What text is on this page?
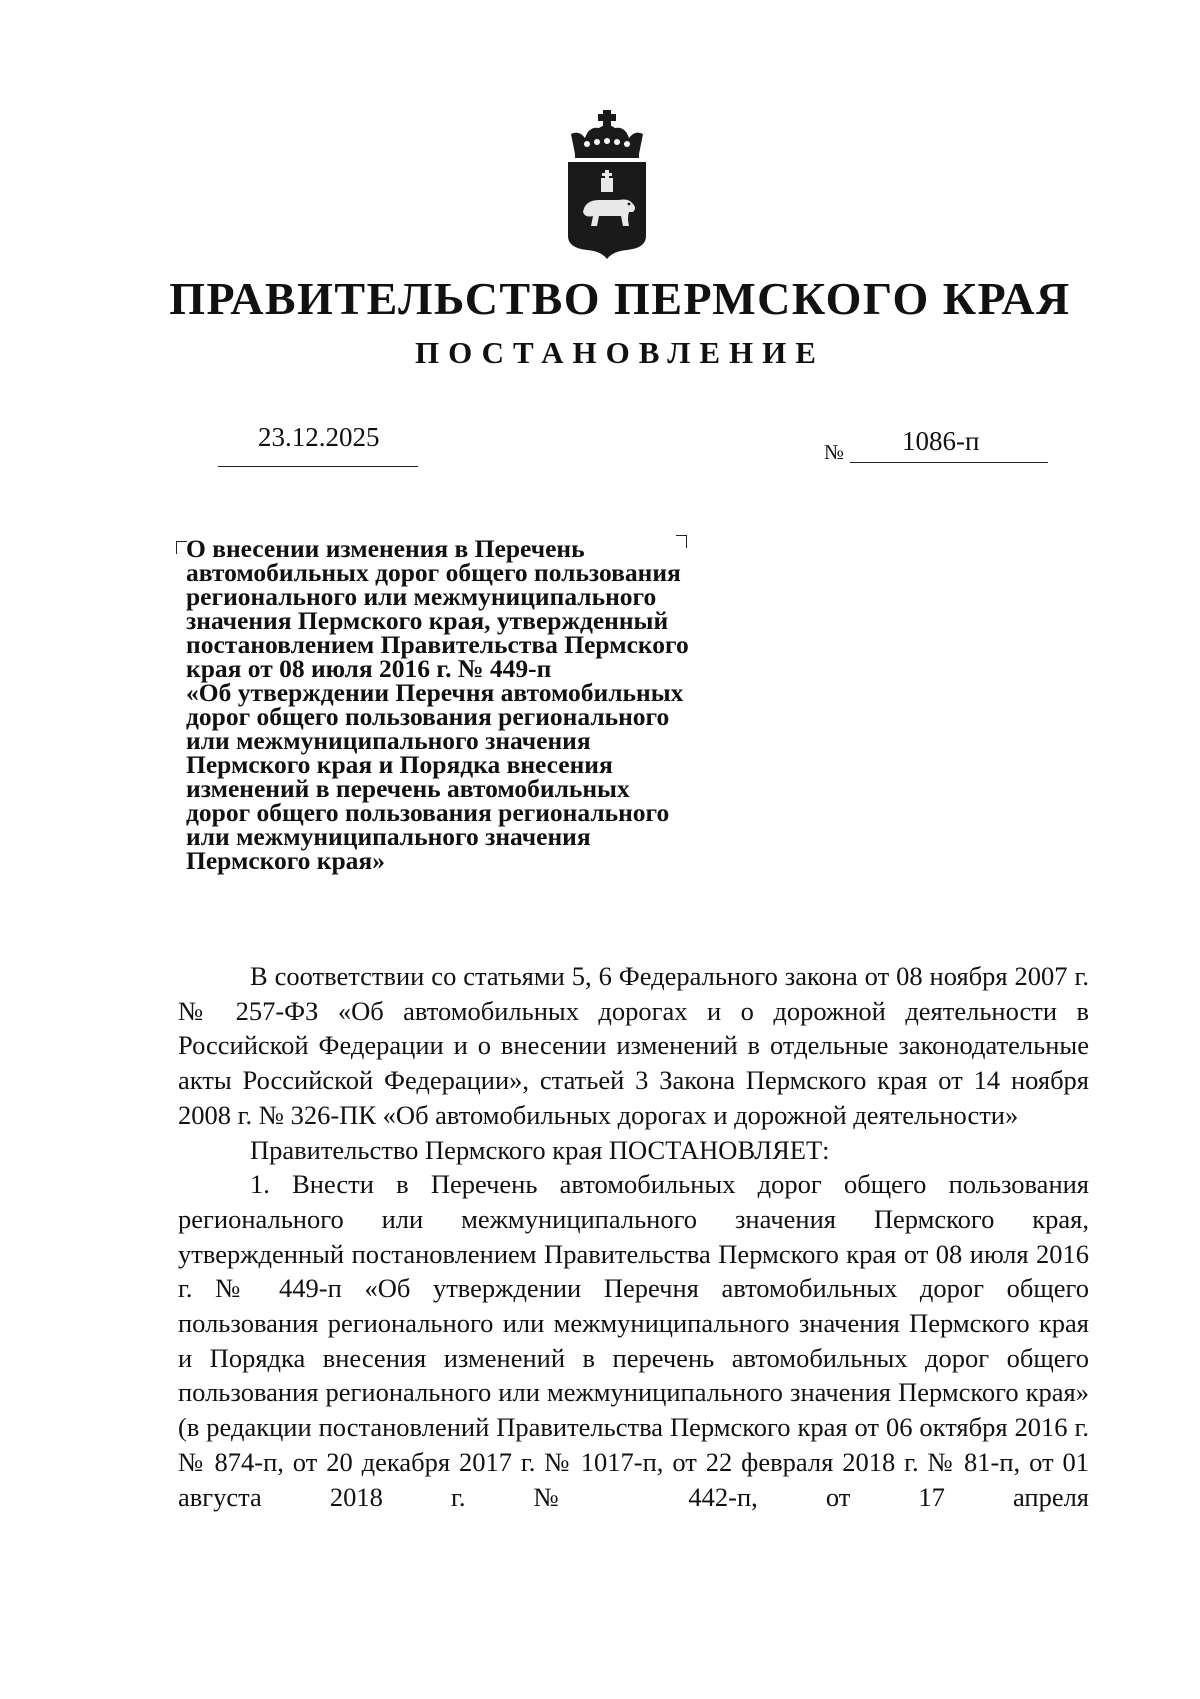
ПРАВИТЕЛЬСТВО ПЕРМСКОГО КРАЯ
ПОСТАНОВЛЕНИЕ
23.12.2025	№ 1086-п
О внесении изменения в Перечень
автомобильных дорог общего пользования
регионального или межмуниципального
значения Пермского края, утвержденный
постановлением Правительства Пермского
края от 08 июля 2016 г. № 449-п
«Об утверждении Перечня автомобильных
дорог общего пользования регионального
или межмуниципального значения
Пермского края и Порядка внесения
изменений в перечень автомобильных
дорог общего пользования регионального
или межмуниципального значения
Пермского края»

В соответствии со статьями 5, 6 Федерального закона от 08 ноября 2007 г. № 257-ФЗ «Об автомобильных дорогах и о дорожной деятельности в Российской Федерации и о внесении изменений в отдельные законодательные акты Российской Федерации», статьей 3 Закона Пермского края от 14 ноября 2008 г. № 326-ПК «Об автомобильных дорогах и дорожной деятельности»

Правительство Пермского края ПОСТАНОВЛЯЕТ:

1. Внести в Перечень автомобильных дорог общего пользования регионального или межмуниципального значения Пермского края, утвержденный постановлением Правительства Пермского края от 08 июля 2016 г. № 449-п «Об утверждении Перечня автомобильных дорог общего пользования регионального или межмуниципального значения Пермского края и Порядка внесения изменений в перечень автомобильных дорог общего пользования регионального или межмуниципального значения Пермского края» (в редакции постановлений Правительства Пермского края от 06 октября 2016 г. № 874-п, от 20 декабря 2017 г. № 1017-п, от 22 февраля 2018 г. № 81-п, от 01 августа 2018 г. № 442-п, от 17 апреля
